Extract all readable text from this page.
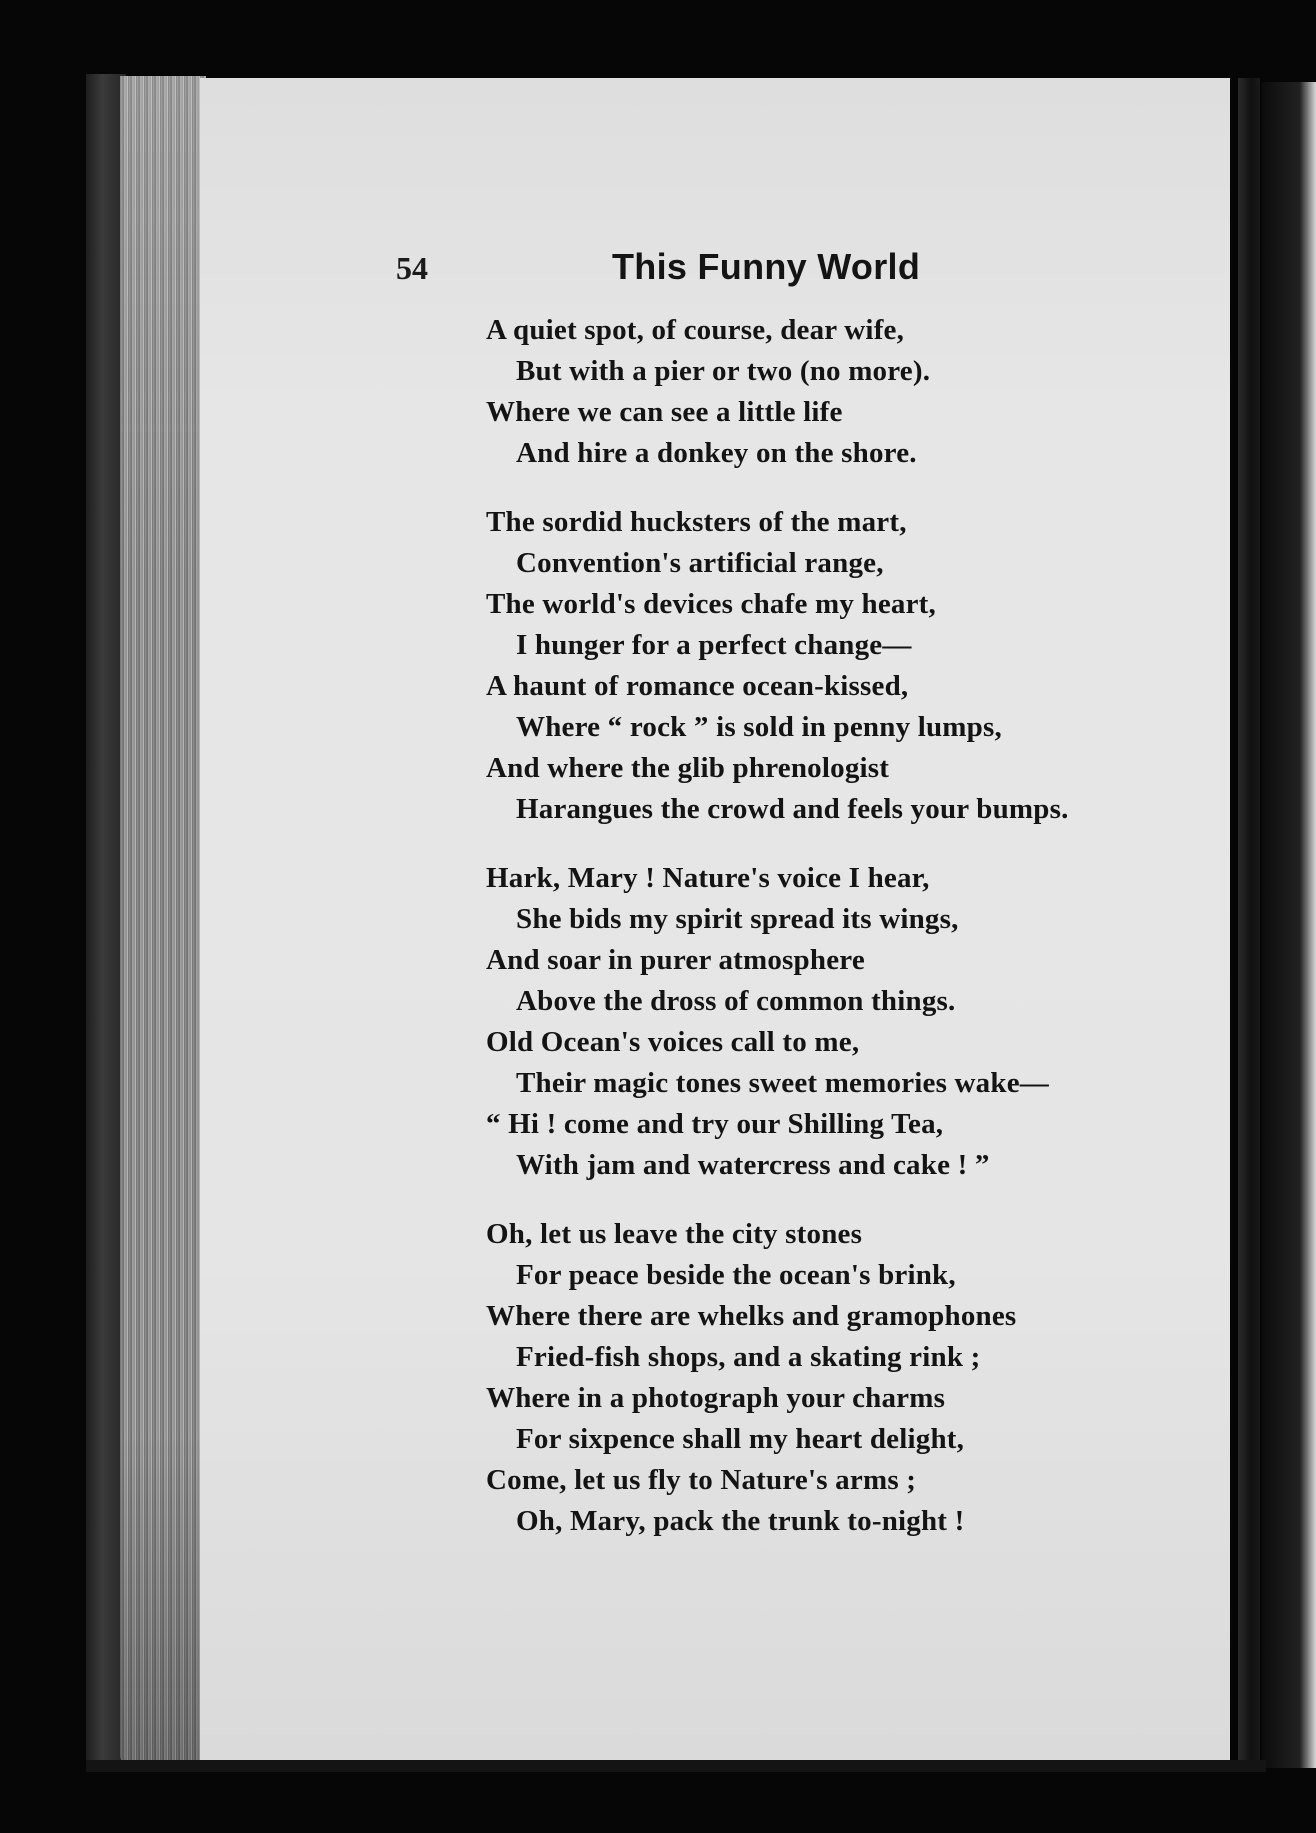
54	This Funny World
A quiet spot, of course, dear wife,
But with a pier or two (no more).
Where we can see a little life
And hire a donkey on the shore.
The sordid hucksters of the mart,
Convention's artificial range,
The world's devices chafe my heart,
I hunger for a perfect change—
A haunt of romance ocean-kissed,
Where “ rock ” is sold in penny lumps,
And where the glib phrenologist
Harangues the crowd and feels your bumps.
Hark, Mary ! Nature's voice I hear,
She bids my spirit spread its wings,
And soar in purer atmosphere
Above the dross of common things.
Old Ocean's voices call to me,
Their magic tones sweet memories wake—
“ Hi ! come and try our Shilling Tea,
With jam and watercress and cake ! ”
Oh, let us leave the city stones
For peace beside the ocean's brink,
Where there are whelks and gramophones
Fried-fish shops, and a skating rink ;
Where in a photograph your charms
For sixpence shall my heart delight,
Come, let us fly to Nature's arms ;
Oh, Mary, pack the trunk to-night !
